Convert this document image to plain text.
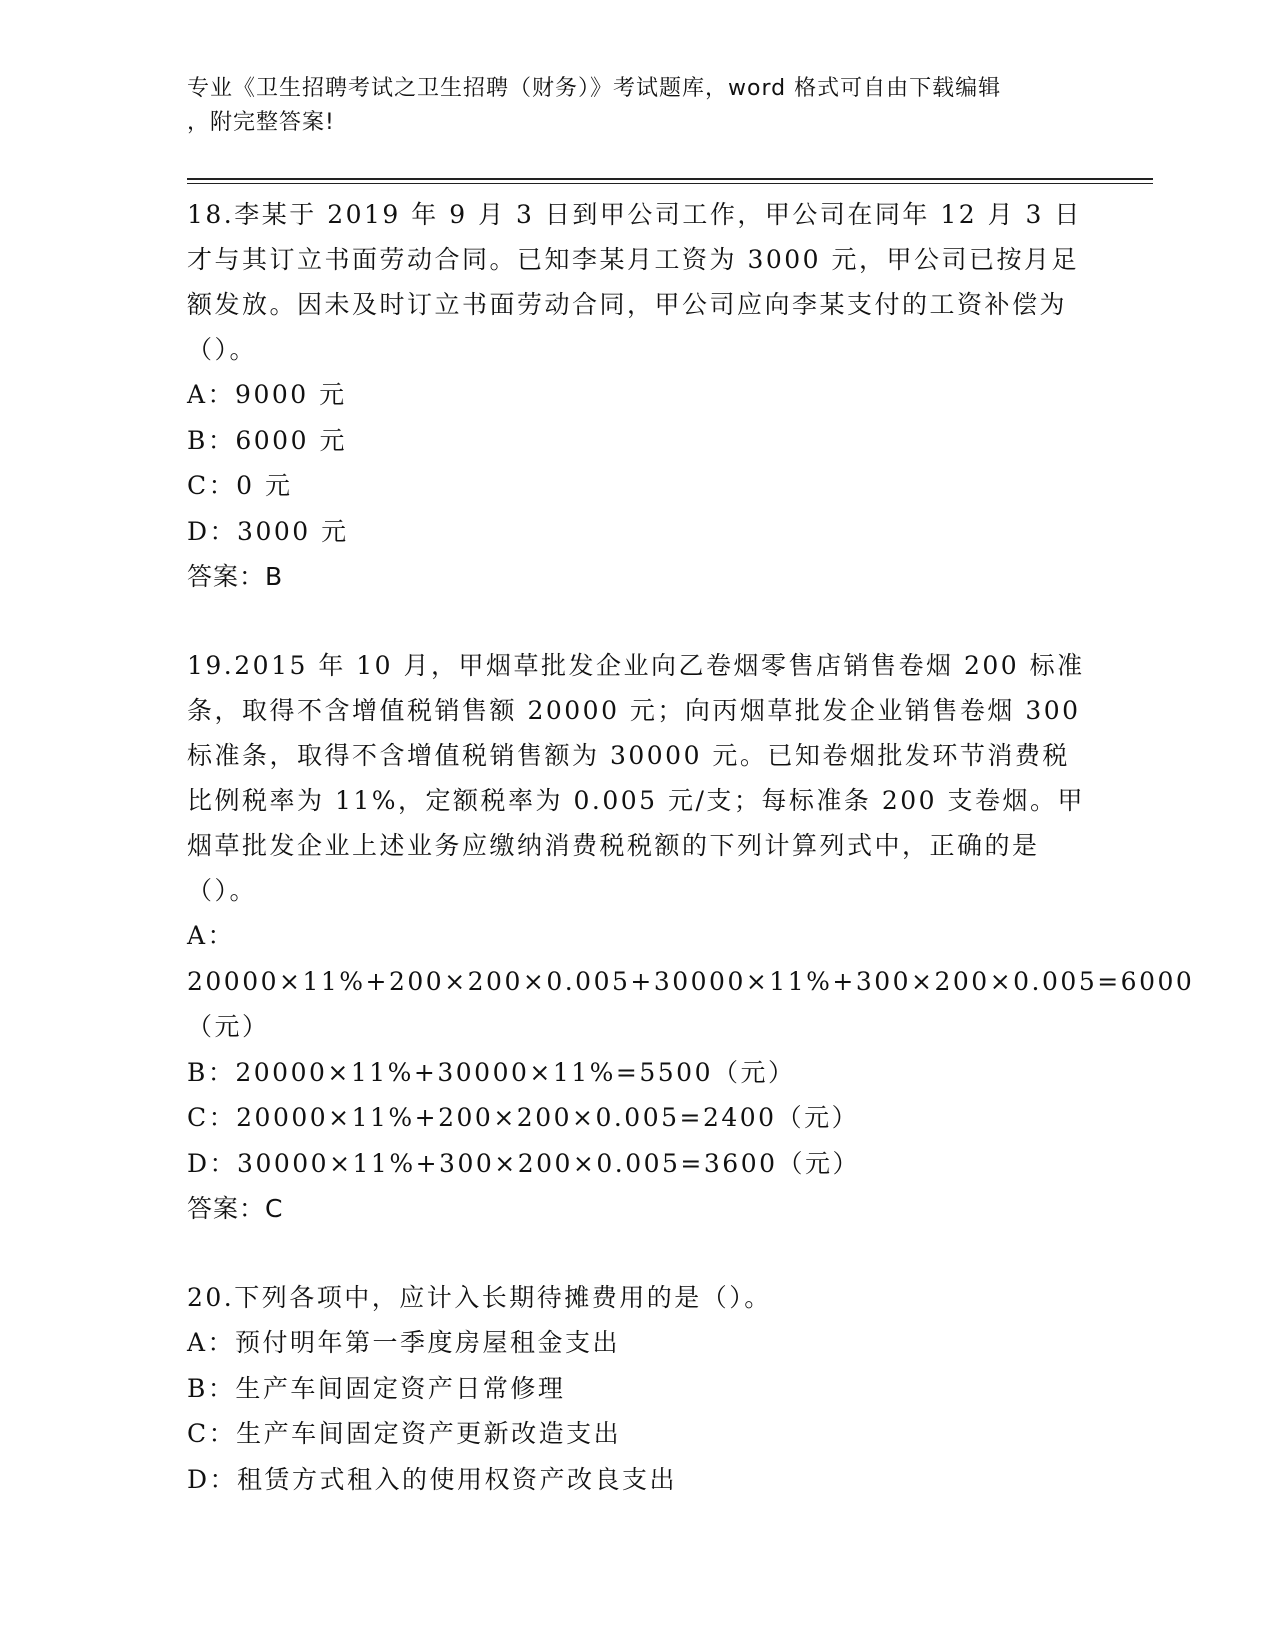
专业《卫生招聘考试之卫生招聘（财务）》考试题库，word 格式可自由下载编辑
，附完整答案!
18.李某于 2019 年 9 月 3 日到甲公司工作，甲公司在同年 12 月 3 日才与其订立书面劳动合同。已知李某月工资为 3000 元，甲公司已按月足额发放。因未及时订立书面劳动合同，甲公司应向李某支付的工资补偿为（）。
A：9000 元
B：6000 元
C：0 元
D：3000 元
答案：B
19.2015 年 10 月，甲烟草批发企业向乙卷烟零售店销售卷烟 200 标准条，取得不含增值税销售额 20000 元；向丙烟草批发企业销售卷烟 300 标准条，取得不含增值税销售额为 30000 元。已知卷烟批发环节消费税比例税率为 11%，定额税率为 0.005 元/支；每标准条 200 支卷烟。甲烟草批发企业上述业务应缴纳消费税税额的下列计算列式中，正确的是（）。
A：20000×11%+200×200×0.005+30000×11%+300×200×0.005=6000（元）
B：20000×11%+30000×11%=5500（元）
C：20000×11%+200×200×0.005=2400（元）
D：30000×11%+300×200×0.005=3600（元）
答案：C
20.下列各项中，应计入长期待摊费用的是（）。
A：预付明年第一季度房屋租金支出
B：生产车间固定资产日常修理
C：生产车间固定资产更新改造支出
D：租赁方式租入的使用权资产改良支出
